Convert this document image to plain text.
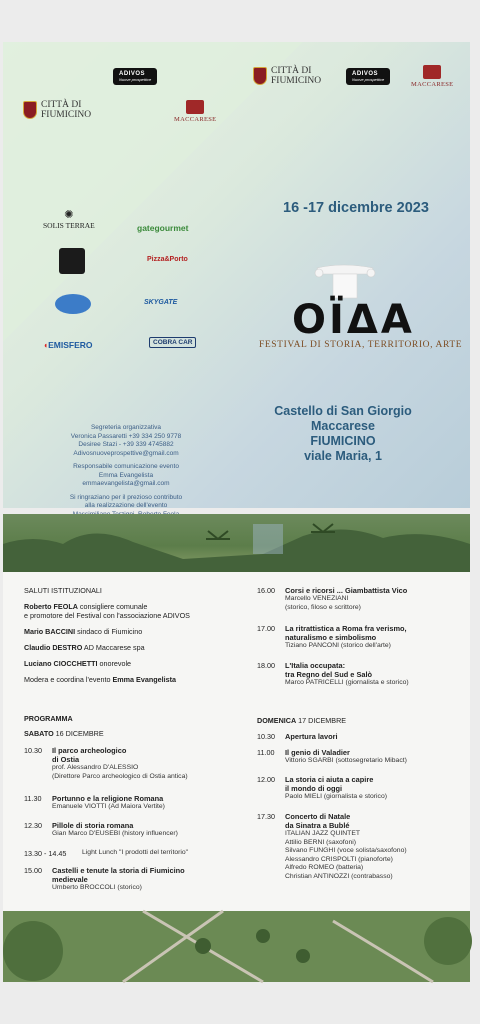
CITTÀ DI
FIUMICINO
ADIVOS
Nuove prospettive
MACCARESE
CITTÀ DI
FIUMICINO
ADIVOS
Nuove prospettive
MACCARESE
✺
SOLIS TERRAE	gategourmet
Pizza&Porto
SKYGATE
◖EMISFERO	COBRA CAR
16 -17 dicembre 2023
OÏΔA
FESTIVAL DI STORIA, TERRITORIO, ARTE
Castello di San Giorgio
Maccarese
FIUMICINO
viale Maria, 1

Segreteria organizzativa
Veronica Passaretti +39 334 250 9778
Desiree Stazi - +39 339 4745882
Adivosnuoveprospettive@gmail.com

Responsabile comunicazione evento
Emma Evangelista
emmaevangelista@gmail.com

Si ringraziano per il prezioso contributo
alla realizzazione dell'evento

SALUTI ISTITUZIONALI
Roberto FEOLA consigliere comunale
e promotore del Festival con l'associazione ADIVOS
Mario BACCINI sindaco di Fiumicino
Claudio DESTRO AD Maccarese spa
Luciano CIOCCHETTI onorevole
Modera e coordina l'evento Emma Evangelista
PROGRAMMA
SABATO 16 DICEMBRE
10.30 Il parco archeologico
di Ostia
prof. Alessandro D'ALESSIO
(Direttore Parco archeologico di Ostia antica)
11.30 Portunno e la religione Romana
Emanuele VIOTTI (Ad Maiora Vertite)
12.30 Pillole di storia romana
Gian Marco D'EUSEBI (history influencer)
13.30 - 14.45 Light Lunch "I prodotti del territorio"
15.00 Castelli e tenute la storia di Fiumicino
medievale
Umberto BROCCOLI (storico)
16.00 Corsi e ricorsi ... Giambattista Vico
Marcello VENEZIANI
(storico, filoso e scrittore)
17.00 La ritrattistica a Roma fra verismo,
naturalismo e simbolismo
Tiziano PANCONI (storico dell'arte)
18.00 L'Italia occupata:
tra Regno del Sud e Salò
Marco PATRICELLI (giornalista e storico)
DOMENICA 17 DICEMBRE
10.30 Apertura lavori
11.00 Il genio di Valadier
Vittorio SGARBI (sottosegretario Mibact)
12.00 La storia ci aiuta a capire
il mondo di oggi
Paolo MIELI (giornalista e storico)
17.30 Concerto di Natale
da Sinatra a Bublé
ITALIAN JAZZ QUINTET
Attilio BERNI (saxofoni)
Silvano FUNGHI (voce solista/saxofono)
Alessandro CRISPOLTI (pianoforte)
Alfredo ROMEO (batteria)
Christian ANTINOZZI (contrabasso)
